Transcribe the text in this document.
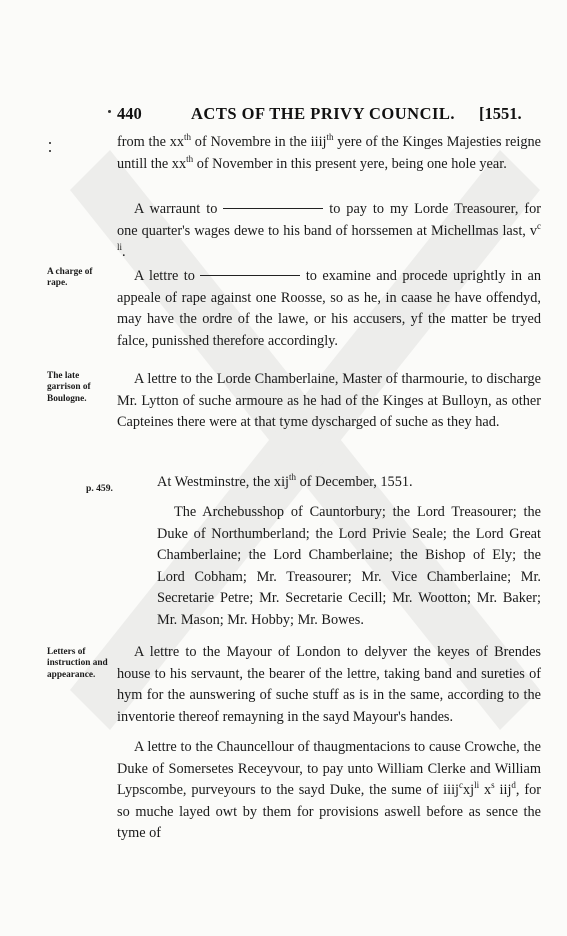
440	ACTS OF THE PRIVY COUNCIL. [1551.
from the $xx^{th}$ of Novembre in the iiij$^{th}$ yere of the Kinges Majesties reigne untill the $xx^{th}$ of November in this present yere, being one hole year.
A warraunt to	to pay to my Lorde Treasourer, for one quarter's wages dewe to his band of horssemen at Michellmas last, $v^{c li}$.
A charge of rape.	A lettre to	to examine and procede uprightly in an appeale of rape against one Roosse, so as he, in caase he have offendyd, may have the ordre of the lawe, or his accusers, yf the matter be tryed falce, punisshed therefore accordingly.
The late garrison of Boulogne.
A lettre to the Lorde Chamberlaine, Master of tharmourie, to discharge Mr. Lytton of suche armoure as he had of the Kinges at Bulloyn, as other Capteines there were at that tyme dyscharged of suche as they had.
p. 459.	At Westminstre, the xij$^{th}$ of December, 1551.
The Archebusshop of Cauntorbury; the Lord Treasourer; the Duke of Northumberland; the Lord Privie Seale; the Lord Great Chamberlaine; the Lord Chamberlaine; the Bishop of Ely; the Lord Cobham; Mr. Treasourer; Mr. Vice Chamberlaine; Mr. Secretarie Petre; Mr. Secretarie Cecill; Mr. Wootton; Mr. Baker; Mr. Mason; Mr. Hobby; Mr. Bowes.
Letters of instruction and appearance.
A lettre to the Mayour of London to delyver the keyes of Brendes house to his servaunt, the bearer of the lettre, taking band and sureties of hym for the aunswering of suche stuff as is in the same, according to the inventorie thereof remayning in the sayd Mayour's handes.
A lettre to the Chauncellour of thaugmentacions to cause Crowche, the Duke of Somersetes Receyvour, to pay unto William Clerke and William Lypscombe, purveyours to the sayd Duke, the sume of $iiij^cxj^{li}$ $x^s$ iij$^d$, for so muche layed owt by them for provisions aswell before as sence the tyme of
